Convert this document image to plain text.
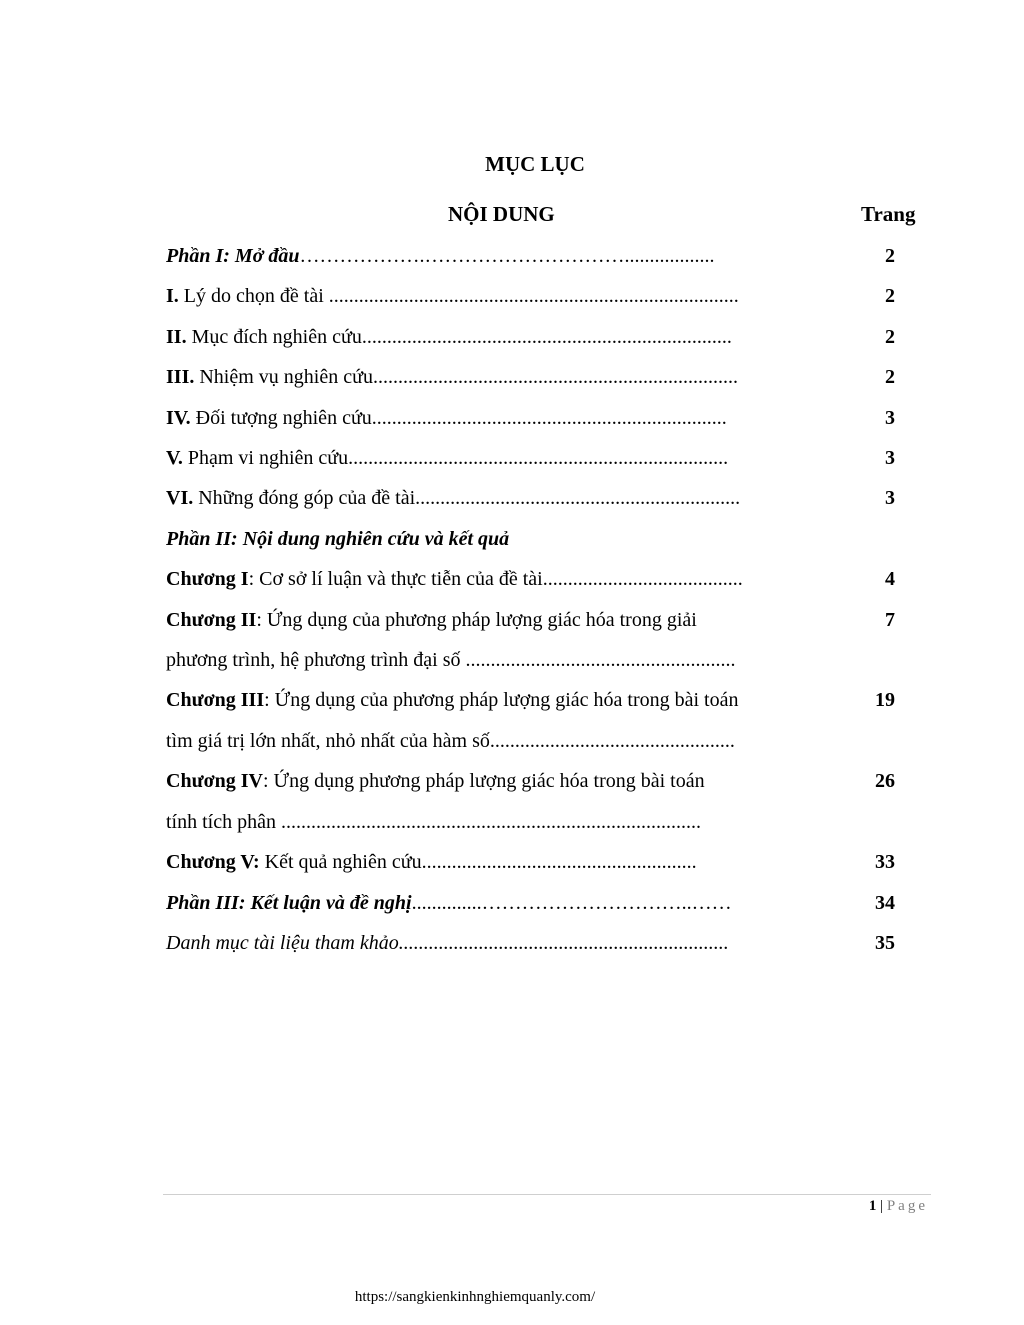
MỤC LỤC
NỘI DUNG	Trang
Phần I: Mở đầu……………….…………………………..................	2
I. Lý do chọn đề tài ..................................................................................	2
II. Mục đích nghiên cứu..........................................................................	2
III. Nhiệm vụ nghiên cứu.........................................................................	2
IV. Đối tượng nghiên cứu.......................................................................	3
V. Phạm vi nghiên cứu............................................................................	3
VI. Những đóng góp của đề tài.................................................................	3
Phần II: Nội dung nghiên cứu và kết quả
Chương I: Cơ sở lí luận và thực tiễn của đề tài........................................	4
Chương II: Ứng dụng của phương pháp lượng giác hóa trong giải	7
phương trình, hệ phương trình đại số ......................................................
Chương III: Ứng dụng của phương pháp lượng giác hóa trong bài toán	19
tìm giá trị lớn nhất, nhỏ nhất của hàm số.................................................
Chương IV: Ứng dụng phương pháp lượng giác hóa trong bài toán	26
tính tích phân ....................................................................................
Chương V: Kết quả nghiên cứu.......................................................	33
Phần III: Kết luận và đề nghị..............…………………………..……	34
Danh mục tài liệu tham khảo..................................................................	35
1 | Page
https://sangkienkinhnghiemquanly.com/
